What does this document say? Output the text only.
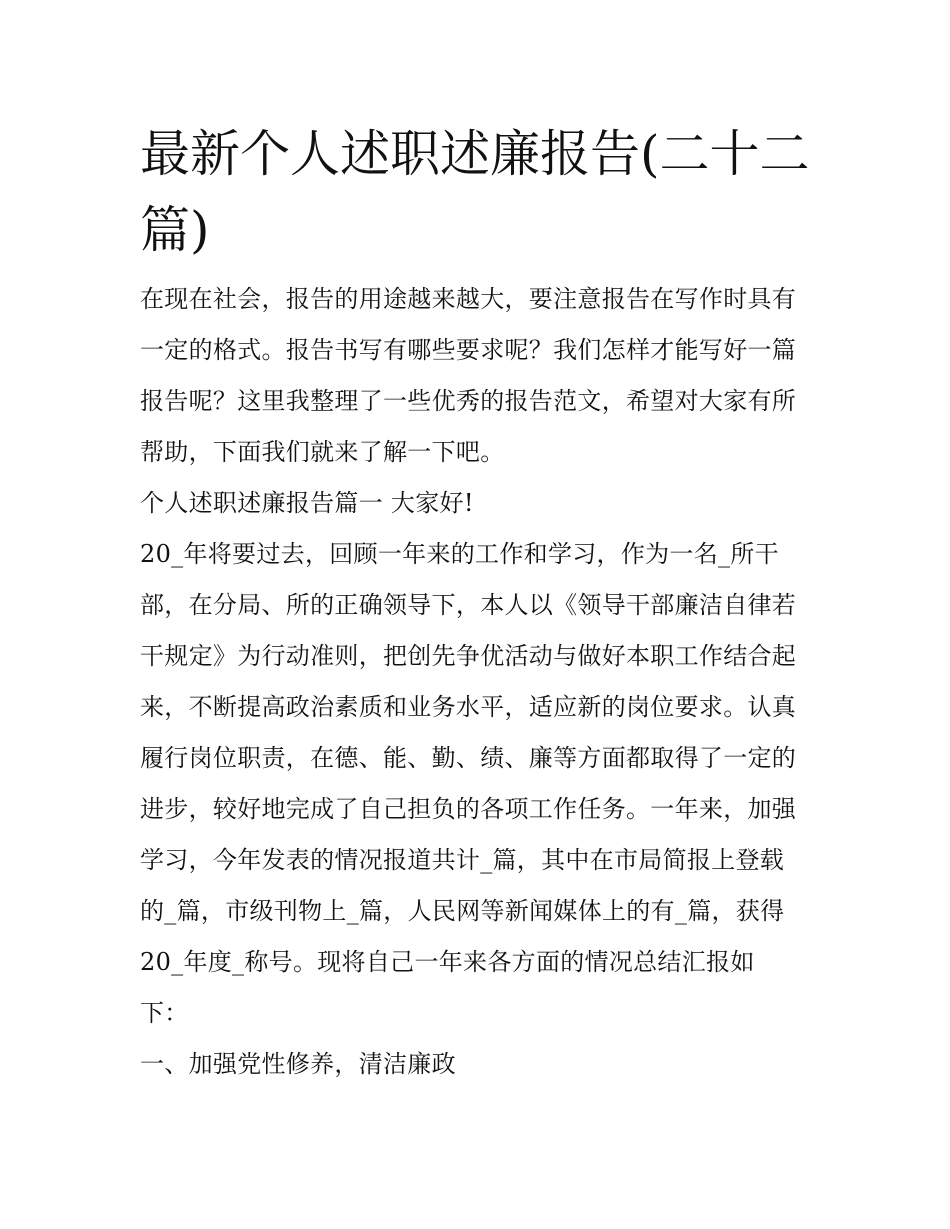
最新个人述职述廉报告(二十二
篇)
在现在社会，报告的用途越来越大，要注意报告在写作时具有
一定的格式。报告书写有哪些要求呢？我们怎样才能写好一篇
报告呢？这里我整理了一些优秀的报告范文，希望对大家有所
帮助，下面我们就来了解一下吧。
个人述职述廉报告篇一 大家好!
20_年将要过去，回顾一年来的工作和学习，作为一名_所干
部，在分局、所的正确领导下，本人以《领导干部廉洁自律若
干规定》为行动准则，把创先争优活动与做好本职工作结合起
来，不断提高政治素质和业务水平，适应新的岗位要求。认真
履行岗位职责，在德、能、勤、绩、廉等方面都取得了一定的
进步，较好地完成了自己担负的各项工作任务。一年来，加强
学习，今年发表的情况报道共计_篇，其中在市局简报上登载
的_篇，市级刊物上_篇，人民网等新闻媒体上的有_篇，获得
20_年度_称号。现将自己一年来各方面的情况总结汇报如
下：
一、加强党性修养，清洁廉政
